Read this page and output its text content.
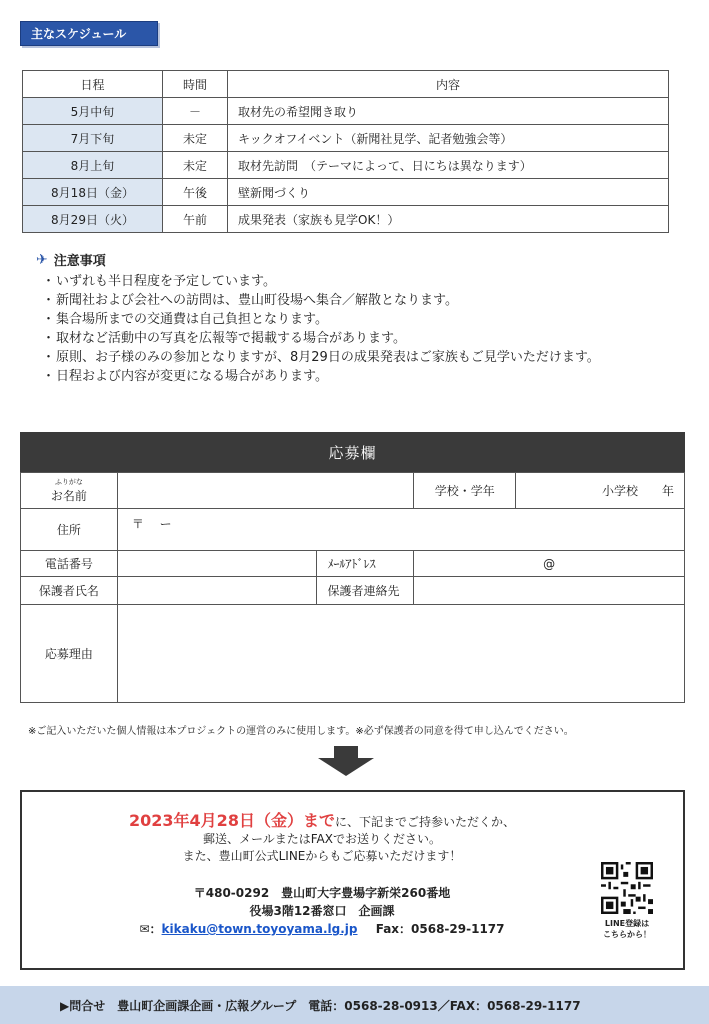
主なスケジュール
日程	時間	内容
5月中旬	－	取材先の希望聞き取り
7月下旬	未定	キックオフイベント（新聞社見学、記者勉強会等）
8月上旬	未定	取材先訪問　（テーマによって、日にちは異なります）
8月18日（金）	午後	壁新聞づくり
8月29日（火）	午前	成果発表（家族も見学OK！）
✈ 注意事項
・ いずれも半日程度を予定しています。
・ 新聞社および会社への訪問は、豊山町役場へ集合／解散となります。
・ 集合場所までの交通費は自己負担となります。
・ 取材など活動中の写真を広報等で掲載する場合があります。
・ 原則、お子様のみの参加となりますが、8月29日の成果発表はご家族もご見学いただけます。
・ 日程および内容が変更になる場合があります。
応募欄
ふりがな
お名前			学校・学年	小学校　　年
住所	〒　 ー			
電話番号		ﾒｰﾙｱﾄﾞﾚｽ	@	
保護者氏名		保護者連絡先		
応募理由				
※ご記入いただいた個人情報は本プロジェクトの運営のみに使用します。※必ず保護者の同意を得て申し込んでください。
2023年4月28日（金）までに、下記までご持参いただくか、
郵送、メールまたはFAXでお送りください。
また、豊山町公式LINEからもご応募いただけます！
〒480-0292　豊山町大字豊場字新栄260番地
役場3階12番窓口　企画課
✉：kikaku@town.toyoyama.lg.jp Fax：0568-29-1177	LINE登録は
こちらから！
▶問合せ　豊山町企画課企画・広報グループ　電話：0568-28-0913／FAX：0568-29-1177
